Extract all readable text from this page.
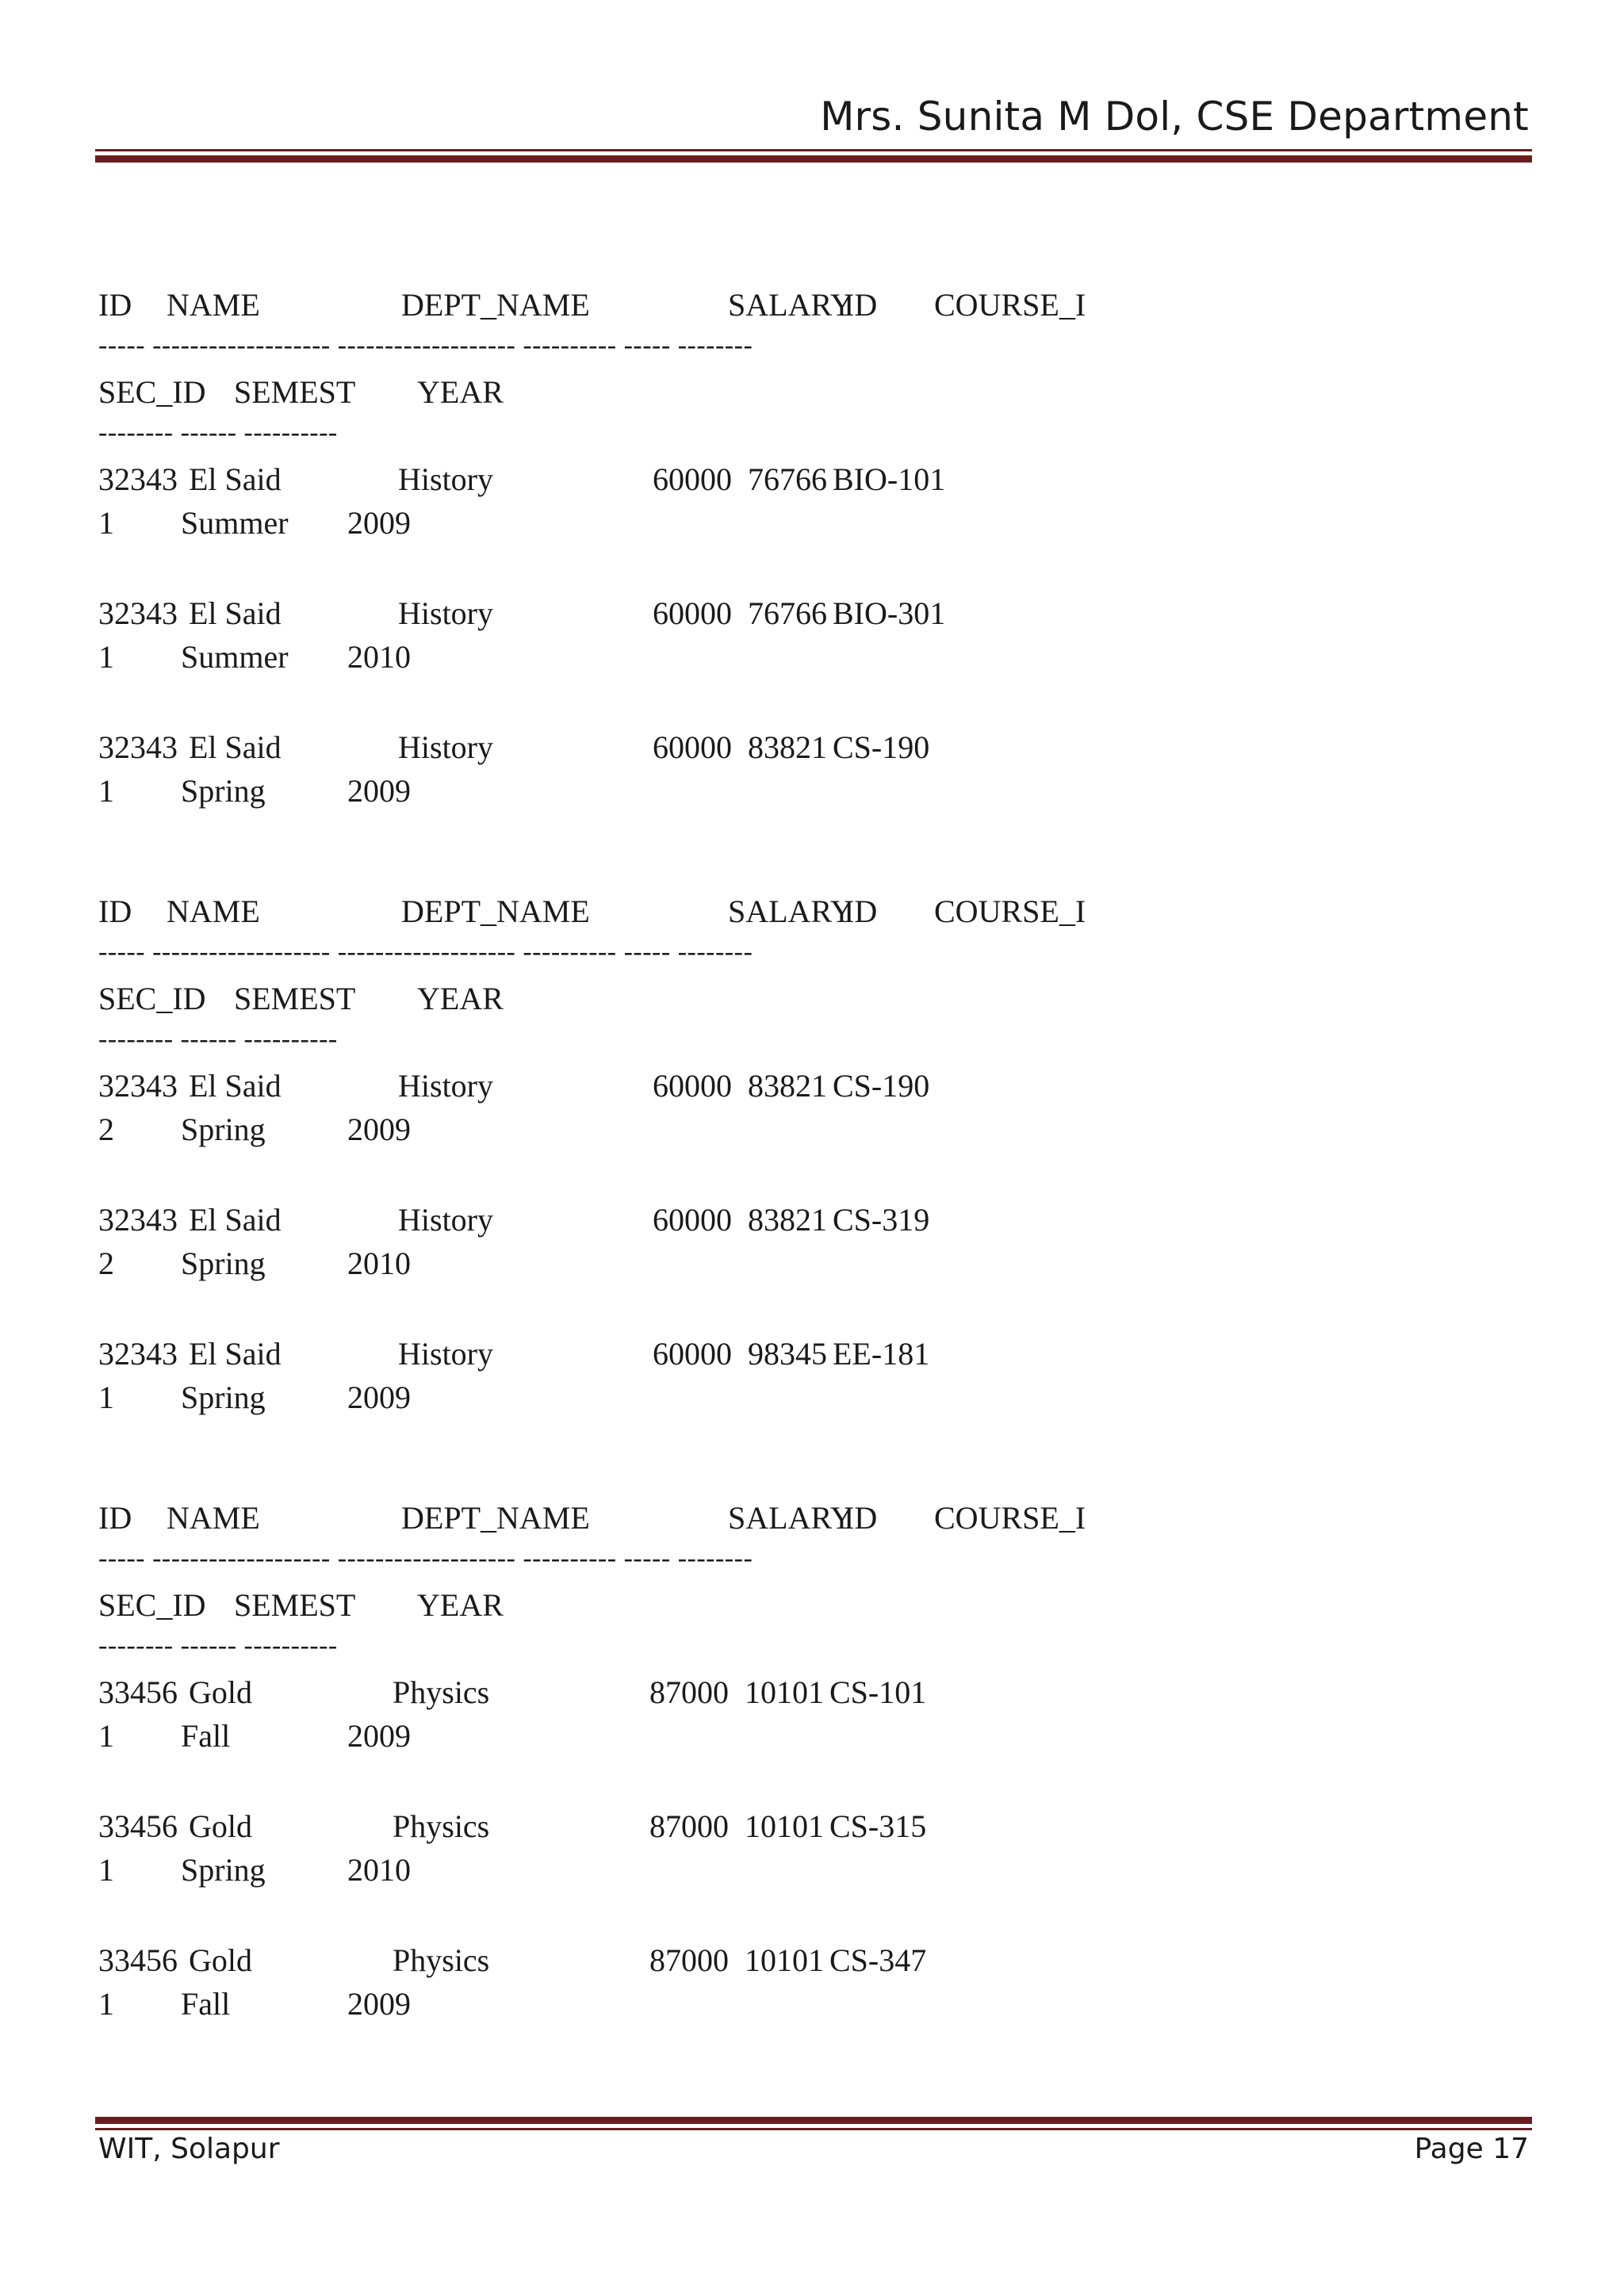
Mrs. Sunita M Dol, CSE Department
ID NAME	DEPT_NAME	SALARY
ID COURSE_I
----- ------------------- ------------------- ---------- ----- --------
SEC_ID SEMEST YEAR
-------- ------ ----------
32343 El Said	History	60000 76766 BIO-101
1 Summer 2009
32343 El Said	History	60000 76766 BIO-301
1 Summer 2010
32343 El Said	History	60000 83821 CS-190
1 Spring	2009
ID NAME	DEPT_NAME	SALARY
ID COURSE_I
----- ------------------- ------------------- ---------- ----- --------
SEC_ID SEMEST YEAR
-------- ------ ----------
32343 El Said	History	60000 83821 CS-190
2 Spring	2009
32343 El Said	History	60000 83821 CS-319
2 Spring	2010
32343 El Said	History	60000 98345 EE-181
1 Spring	2009
ID NAME	DEPT_NAME	SALARY
ID COURSE_I
----- ------------------- ------------------- ---------- ----- --------
SEC_ID SEMEST YEAR
-------- ------ ----------
33456 Gold	Physics	87000 10101 CS-101
1 Fall	2009
33456 Gold	Physics	87000 10101 CS-315
1 Spring	2010
33456 Gold	Physics	87000 10101 CS-347
1 Fall	2009
WIT, Solapur	Page 17
